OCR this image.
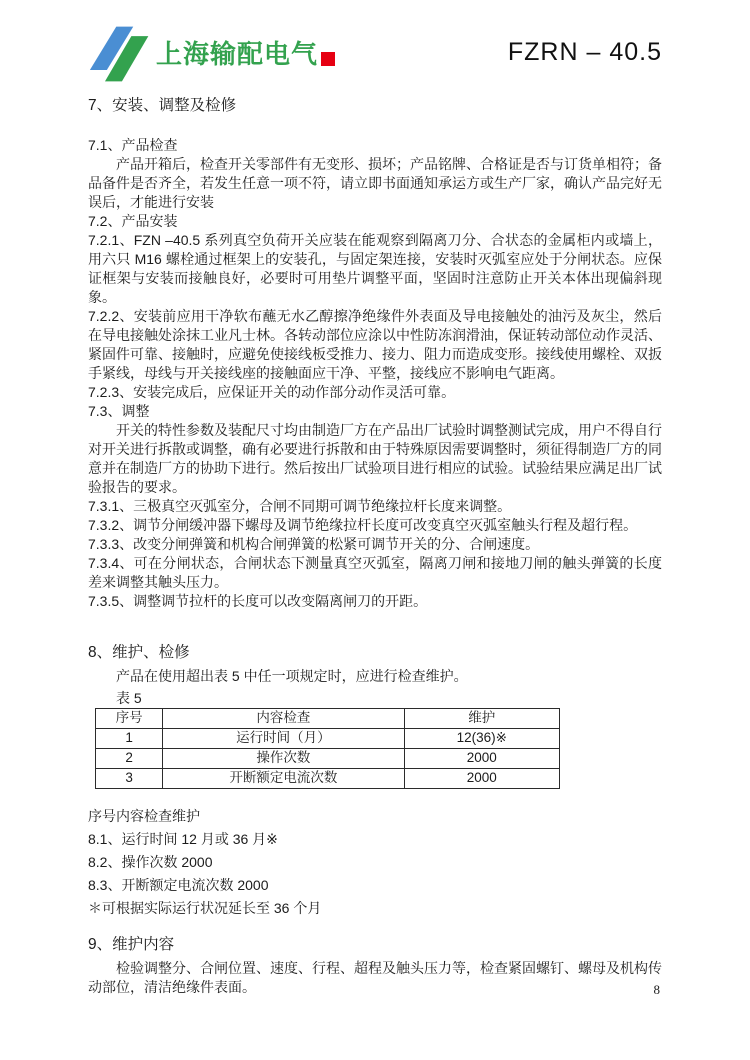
上海输配电气	FZRN – 40.5

7、安装、调整及检修

7.1、产品检查

产品开箱后，检查开关零部件有无变形、损坏；产品铭牌、合格证是否与订货单相符；备品备件是否齐全，若发生任意一项不符，请立即书面通知承运方或生产厂家，确认产品完好无误后，才能进行安装

7.2、产品安装

7.2.1、FZN –40.5 系列真空负荷开关应装在能观察到隔离刀分、合状态的金属柜内或墙上，用六只 M16 螺栓通过框架上的安装孔，与固定架连接，安装时灭弧室应处于分闸状态。应保证框架与安装而接触良好，必要时可用垫片调整平面，坚固时注意防止开关本体出现偏斜现象。

7.2.2、安装前应用干净软布蘸无水乙醇擦净绝缘件外表面及导电接触处的油污及灰尘，然后在导电接触处涂抹工业凡士林。各转动部位应涂以中性防冻润滑油，保证转动部位动作灵活、紧固件可靠、接触时，应避免使接线板受推力、接力、阻力而造成变形。接线使用螺栓、双扳手紧线，母线与开关接线座的接触面应干净、平整，接线应不影响电气距离。

7.2.3、安装完成后，应保证开关的动作部分动作灵活可靠。

7.3、调整

开关的特性参数及装配尺寸均由制造厂方在产品出厂试验时调整测试完成，用户不得自行对开关进行拆散或调整，确有必要进行拆散和由于特殊原因需要调整时，须征得制造厂方的同意并在制造厂方的协助下进行。然后按出厂试验项目进行相应的试验。试验结果应满足出厂试验报告的要求。

7.3.1、三极真空灭弧室分，合闸不同期可调节绝缘拉杆长度来调整。

7.3.2、调节分闸缓冲器下螺母及调节绝缘拉杆长度可改变真空灭弧室触头行程及超行程。

7.3.3、改变分闸弹簧和机构合闸弹簧的松紧可调节开关的分、合闸速度。

7.3.4、可在分闸状态，合闸状态下测量真空灭弧室，隔离刀闸和接地刀闸的触头弹簧的长度差来调整其触头压力。

7.3.5、调整调节拉杆的长度可以改变隔离闸刀的开距。

8、维护、检修

产品在使用超出表 5 中任一项规定时，应进行检查维护。

表 5

序号	内容检查	维护
1	运行时间（月）	12(36)※
2	操作次数	2000
3	开断额定电流次数	2000

序号内容检查维护

8.1、运行时间 12 月或 36 月※

8.2、操作次数 2000

8.3、开断额定电流次数 2000

＊可根据实际运行状况延长至 36 个月

9、维护内容

检验调整分、合闸位置、速度、行程、超程及触头压力等，检查紧固螺钉、螺母及机构传动部位，清洁绝缘件表面。	8
